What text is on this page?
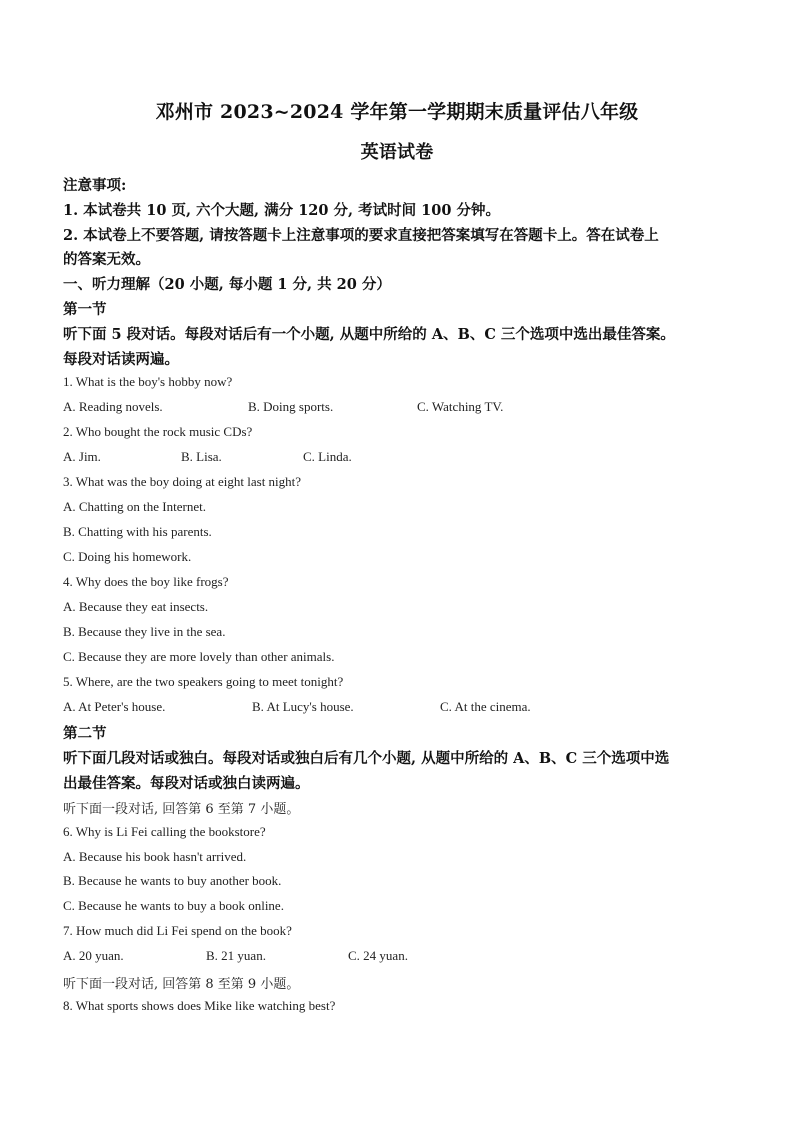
邓州市 2023~2024 学年第一学期期末质量评估八年级
英语试卷
注意事项:
1. 本试卷共 10 页, 六个大题, 满分 120 分, 考试时间 100 分钟。
2. 本试卷上不要答题, 请按答题卡上注意事项的要求直接把答案填写在答题卡上。答在试卷上
的答案无效。
一、听力理解（20 小题, 每小题 1 分, 共 20 分）
第一节
听下面 5 段对话。每段对话后有一个小题, 从题中所给的 A、B、C 三个选项中选出最佳答案。
每段对话读两遍。
1. What is the boy's hobby now?
A. Reading novels.	B. Doing sports.	C. Watching TV.
2. Who bought the rock music CDs?
A. Jim.	B. Lisa.	C. Linda.
3. What was the boy doing at eight last night?
A. Chatting on the Internet.
B. Chatting with his parents.
C. Doing his homework.
4. Why does the boy like frogs?
A. Because they eat insects.
B. Because they live in the sea.
C. Because they are more lovely than other animals.
5. Where, are the two speakers going to meet tonight?
A. At Peter's house.	B. At Lucy's house.	C. At the cinema.
第二节
听下面几段对话或独白。每段对话或独白后有几个小题, 从题中所给的 A、B、C 三个选项中选
出最佳答案。每段对话或独白读两遍。
听下面一段对话, 回答第 6 至第 7 小题。
6. Why is Li Fei calling the bookstore?
A. Because his book hasn't arrived.
B. Because he wants to buy another book.
C. Because he wants to buy a book online.
7. How much did Li Fei spend on the book?
A. 20 yuan.	B. 21 yuan.	C. 24 yuan.
听下面一段对话, 回答第 8 至第 9 小题。
8. What sports shows does Mike like watching best?
